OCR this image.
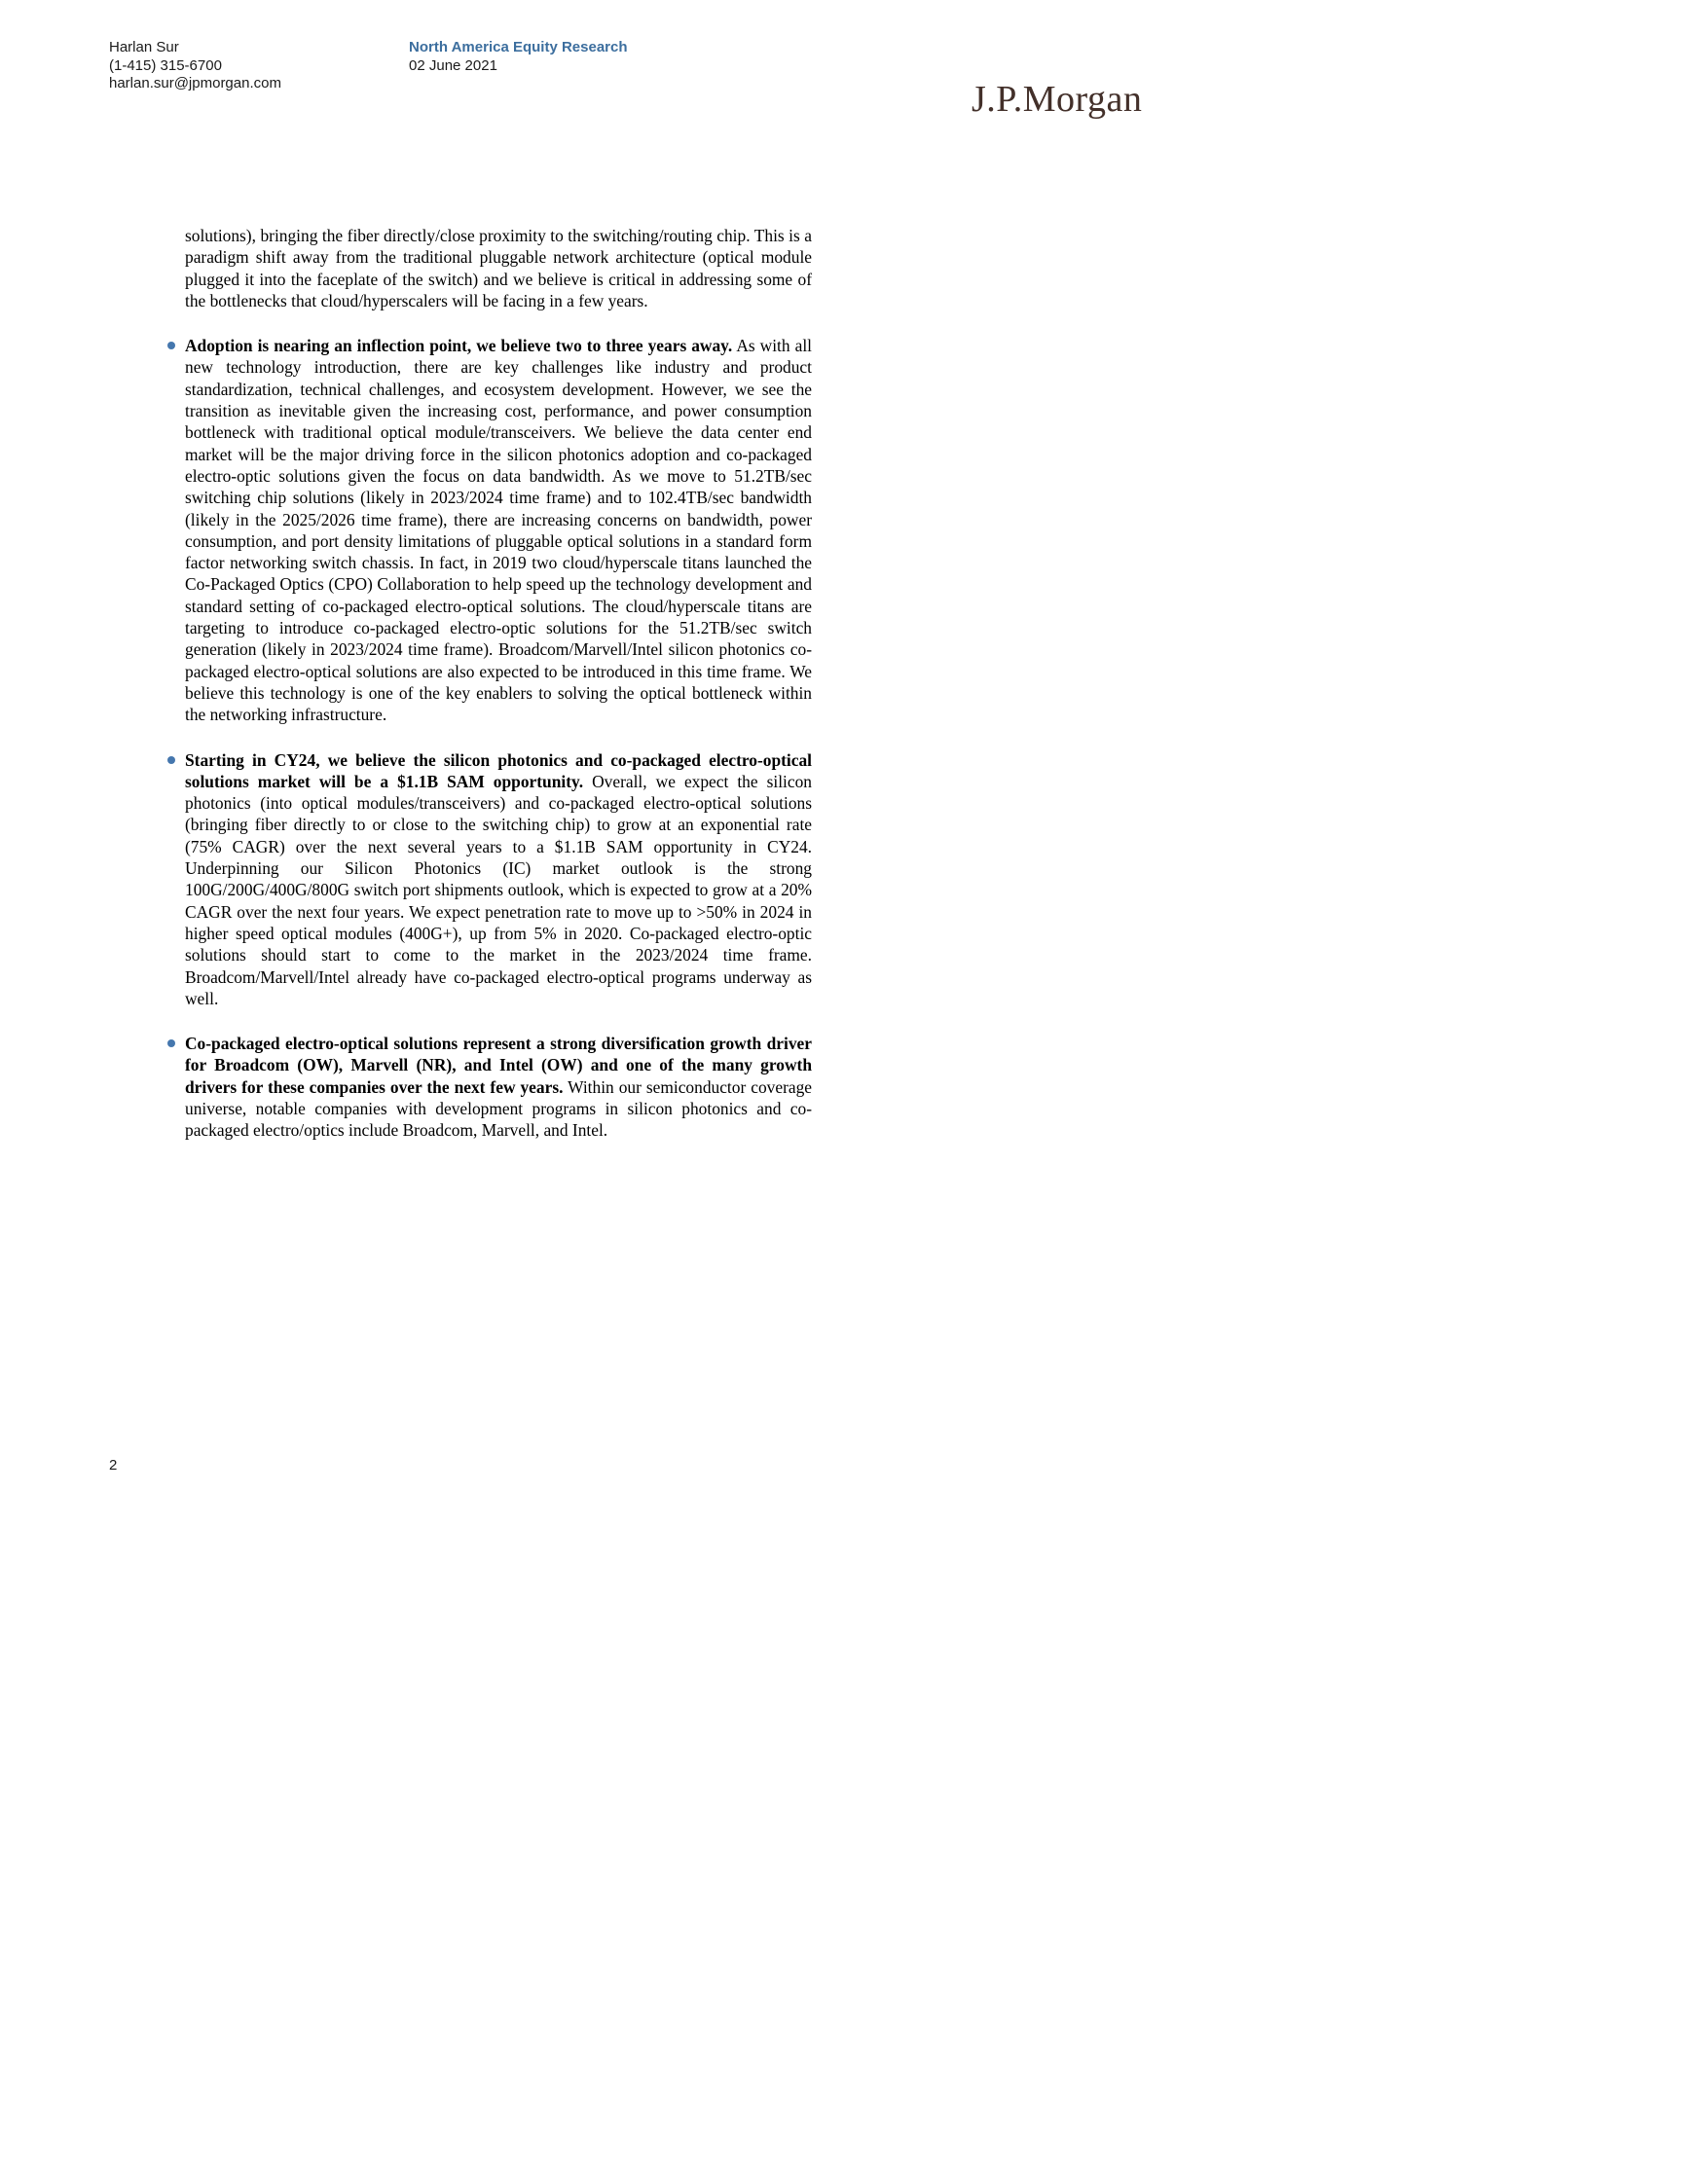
Harlan Sur
(1-415) 315-6700
harlan.sur@jpmorgan.com
North America Equity Research
02 June 2021
J.P.Morgan

solutions), bringing the fiber directly/close proximity to the switching/routing chip. This is a paradigm shift away from the traditional pluggable network architecture (optical module plugged it into the faceplate of the switch) and we believe is critical in addressing some of the bottlenecks that cloud/hyperscalers will be facing in a few years.

Adoption is nearing an inflection point, we believe two to three years away. As with all new technology introduction, there are key challenges like industry and product standardization, technical challenges, and ecosystem development. However, we see the transition as inevitable given the increasing cost, performance, and power consumption bottleneck with traditional optical module/transceivers. We believe the data center end market will be the major driving force in the silicon photonics adoption and co-packaged electro-optic solutions given the focus on data bandwidth. As we move to 51.2TB/sec switching chip solutions (likely in 2023/2024 time frame) and to 102.4TB/sec bandwidth (likely in the 2025/2026 time frame), there are increasing concerns on bandwidth, power consumption, and port density limitations of pluggable optical solutions in a standard form factor networking switch chassis. In fact, in 2019 two cloud/hyperscale titans launched the Co-Packaged Optics (CPO) Collaboration to help speed up the technology development and standard setting of co-packaged electro-optical solutions. The cloud/hyperscale titans are targeting to introduce co-packaged electro-optic solutions for the 51.2TB/sec switch generation (likely in 2023/2024 time frame). Broadcom/Marvell/Intel silicon photonics co-packaged electro-optical solutions are also expected to be introduced in this time frame. We believe this technology is one of the key enablers to solving the optical bottleneck within the networking infrastructure.

Starting in CY24, we believe the silicon photonics and co-packaged electro-optical solutions market will be a $1.1B SAM opportunity. Overall, we expect the silicon photonics (into optical modules/transceivers) and co-packaged electro-optical solutions (bringing fiber directly to or close to the switching chip) to grow at an exponential rate (75% CAGR) over the next several years to a $1.1B SAM opportunity in CY24. Underpinning our Silicon Photonics (IC) market outlook is the strong 100G/200G/400G/800G switch port shipments outlook, which is expected to grow at a 20% CAGR over the next four years. We expect penetration rate to move up to >50% in 2024 in higher speed optical modules (400G+), up from 5% in 2020. Co-packaged electro-optic solutions should start to come to the market in the 2023/2024 time frame. Broadcom/Marvell/Intel already have co-packaged electro-optical programs underway as well.

Co-packaged electro-optical solutions represent a strong diversification growth driver for Broadcom (OW), Marvell (NR), and Intel (OW) and one of the many growth drivers for these companies over the next few years. Within our semiconductor coverage universe, notable companies with development programs in silicon photonics and co-packaged electro/optics include Broadcom, Marvell, and Intel.

2
